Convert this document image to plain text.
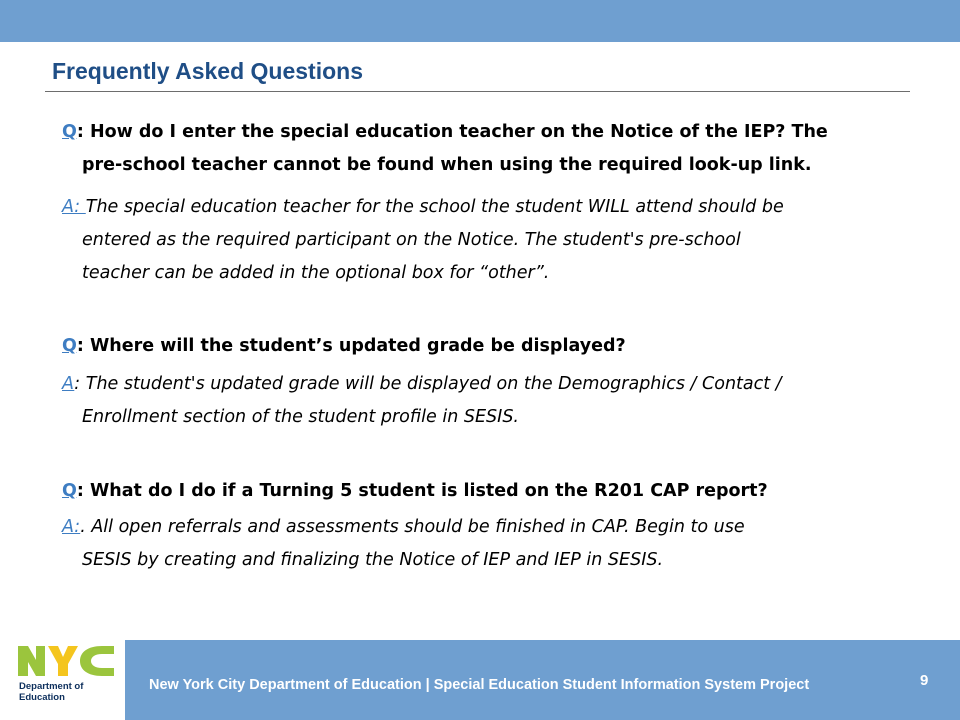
Frequently Asked Questions
Q: How do I enter the special education teacher on the Notice of the IEP? The
pre-school teacher cannot be found when using the required look-up link.
A: The special education teacher for the school the student WILL attend should be
entered as the required participant on the Notice. The student's pre-school
teacher can be added in the optional box for “other”.
Q: Where will the student’s updated grade be displayed?
A: The student's updated grade will be displayed on the Demographics / Contact /
Enrollment section of the student profile in SESIS.
Q: What do I do if a Turning 5 student is listed on the R201 CAP report?
A:. All open referrals and assessments should be finished in CAP. Begin to use
SESIS by creating and finalizing the Notice of IEP and IEP in SESIS.
Department of
Education
New York City Department of Education | Special Education Student Information System Project	9
